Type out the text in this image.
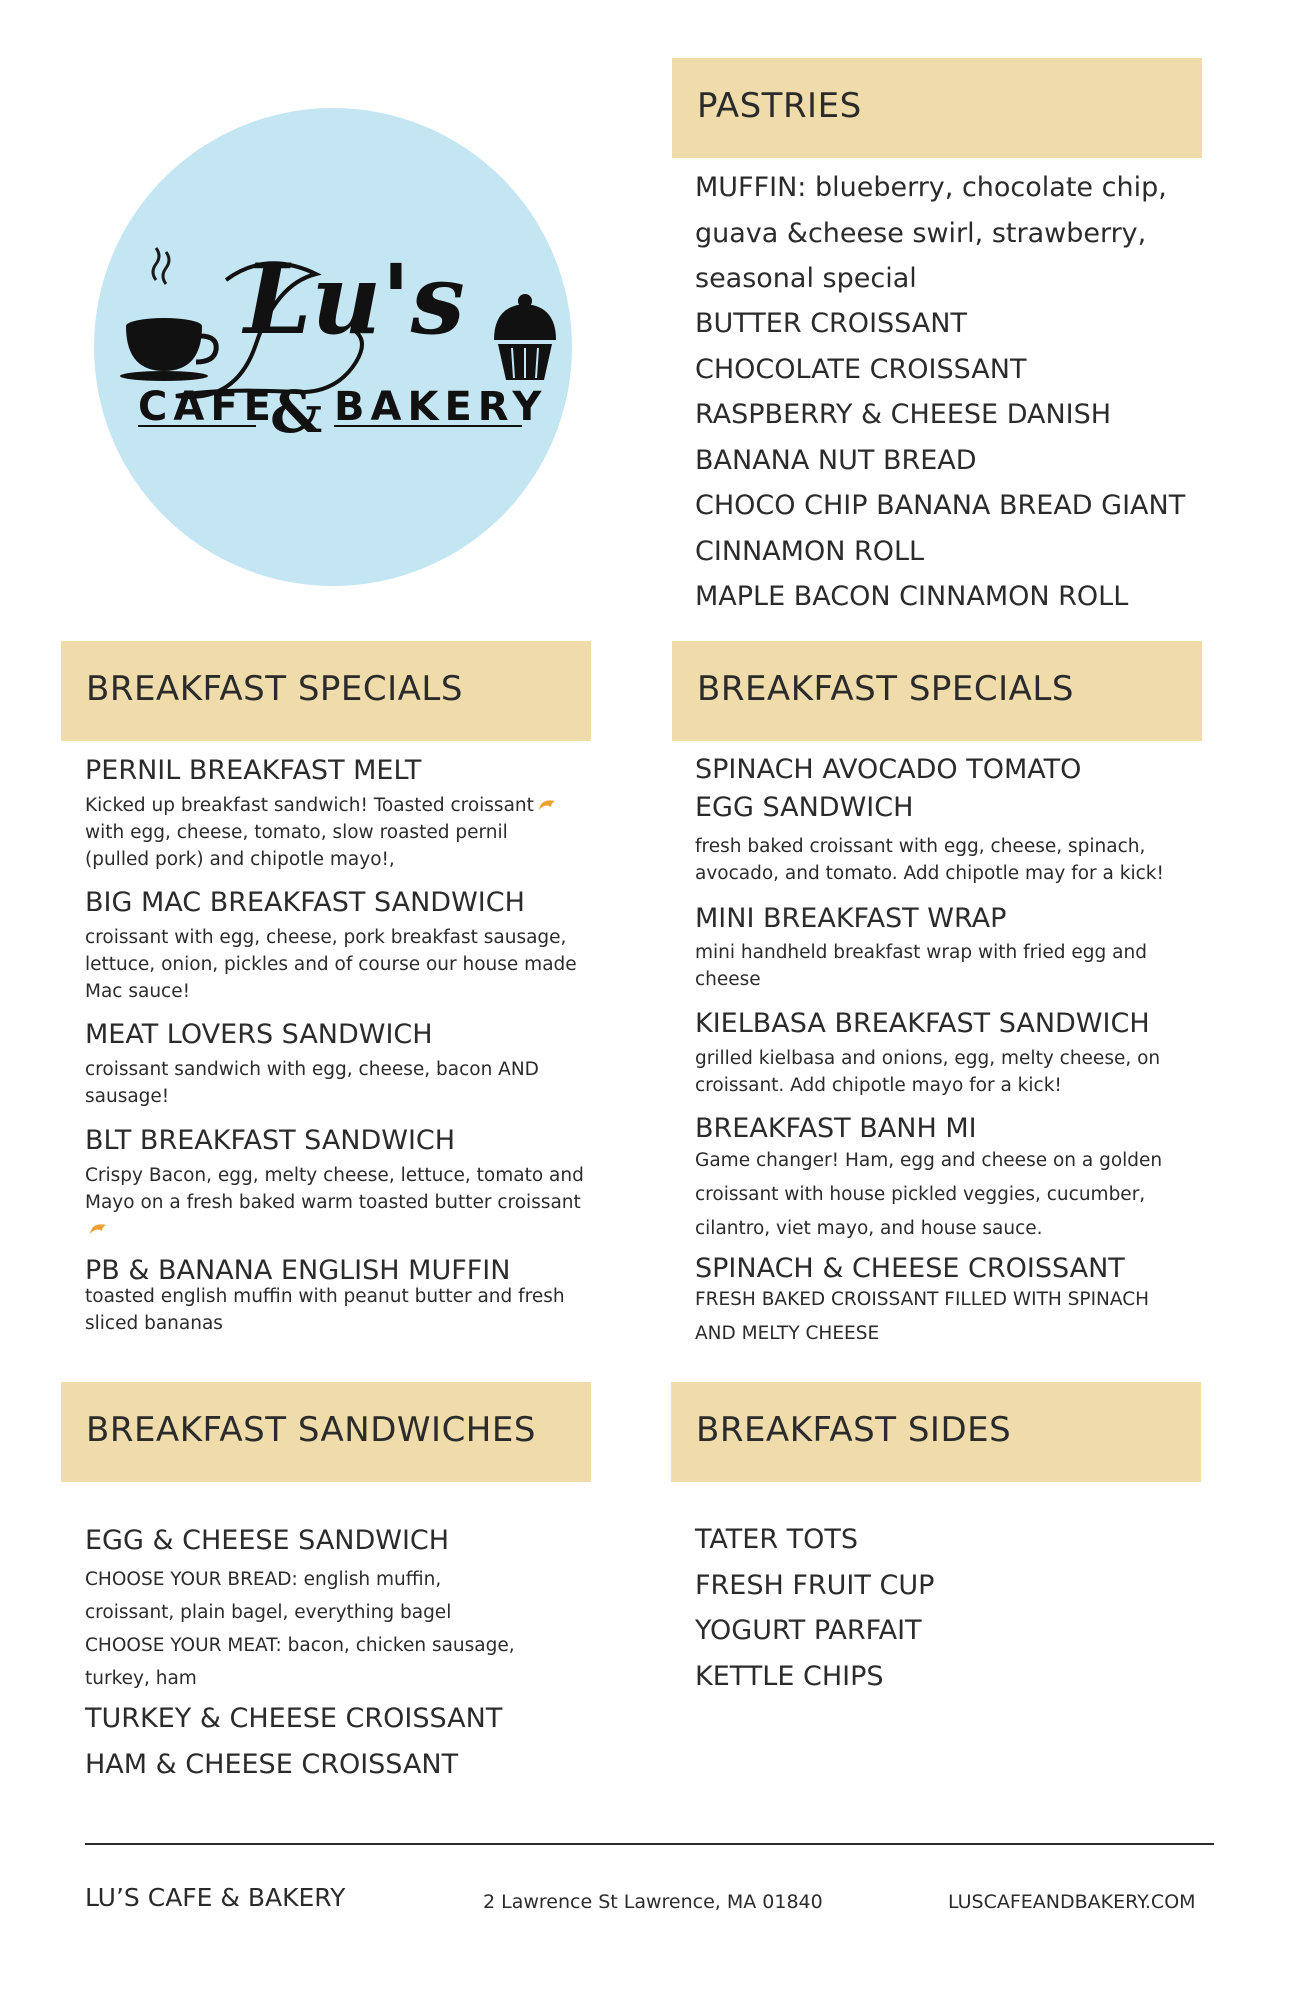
Lu's
CAFE
& BAKERY
PASTRIES
MUFFIN: blueberry, chocolate chip,
guava &cheese swirl, strawberry,
seasonal special
BUTTER CROISSANT
CHOCOLATE CROISSANT
RASPBERRY & CHEESE DANISH
BANANA NUT BREAD
CHOCO CHIP BANANA BREAD GIANT
CINNAMON ROLL
MAPLE BACON CINNAMON ROLL
BREAKFAST SPECIALS
PERNIL BREAKFAST MELT
Kicked up breakfast sandwich! Toasted croissant
with egg, cheese, tomato, slow roasted pernil (pulled pork) and chipotle mayo!,
BIG MAC BREAKFAST SANDWICH
croissant with egg, cheese, pork breakfast sausage, lettuce, onion, pickles and of course our house made Mac sauce!
MEAT LOVERS SANDWICH
croissant sandwich with egg, cheese, bacon AND sausage!
BLT BREAKFAST SANDWICH
Crispy Bacon, egg, melty cheese, lettuce, tomato and Mayo on a fresh baked warm toasted butter croissant
PB & BANANA ENGLISH MUFFIN
toasted english muffin with peanut butter and fresh sliced bananas
BREAKFAST SPECIALS
SPINACH AVOCADO TOMATO
EGG SANDWICH
fresh baked croissant with egg, cheese, spinach, avocado, and tomato. Add chipotle may for a kick!
MINI BREAKFAST WRAP
mini handheld breakfast wrap with fried egg and cheese
KIELBASA BREAKFAST SANDWICH
grilled kielbasa and onions, egg, melty cheese, on croissant. Add chipotle mayo for a kick!
BREAKFAST BANH MI
Game changer! Ham, egg and cheese on a golden croissant with house pickled veggies, cucumber, cilantro, viet mayo, and house sauce.
SPINACH & CHEESE CROISSANT
FRESH BAKED CROISSANT FILLED WITH SPINACH AND MELTY CHEESE
BREAKFAST SANDWICHES
EGG & CHEESE SANDWICH
CHOOSE YOUR BREAD: english muffin, croissant, plain bagel, everything bagel
CHOOSE YOUR MEAT: bacon, chicken sausage, turkey, ham
TURKEY & CHEESE CROISSANT
HAM & CHEESE CROISSANT
BREAKFAST SIDES
TATER TOTS
FRESH FRUIT CUP
YOGURT PARFAIT
KETTLE CHIPS
LU’S CAFE & BAKERY	2 Lawrence St Lawrence, MA 01840	LUSCAFEANDBAKERY.COM
